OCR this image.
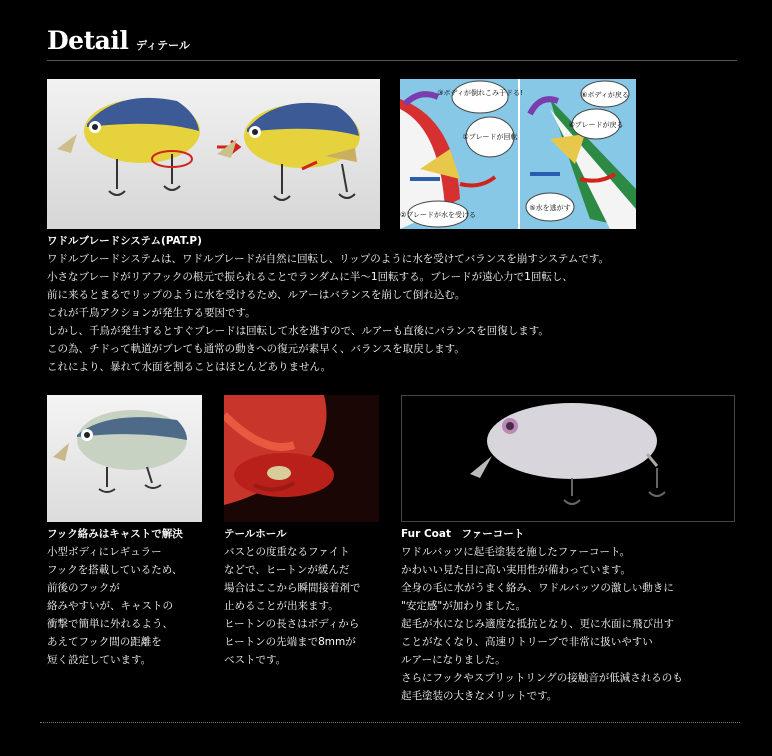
Detail ディテール
③ボディが倒れこみ于ドる!	⑥ボディが戻る
①ブレードが回転
④ブレードが戻る
②ブレードが水を受ける
⑤水を逃がす
ワドルブレードシステム(PAT.P)
ワドルブレードシステムは、ワドルブレードが自然に回転し、リップのように水を受けてバランスを崩すシステムです。
小さなブレードがリアフックの根元で振られることでランダムに半〜1回転する。ブレードが遠心力で1回転し、
前に来るとまるでリップのように水を受けるため、ルアーはバランスを崩して倒れ込む。
これが千鳥アクションが発生する要因です。
しかし、千鳥が発生するとすぐブレードは回転して水を逃すので、ルアーも直後にバランスを回復します。
この為、チドって軌道がブレても通常の動きへの復元が素早く、バランスを取戻します。
これにより、暴れて水面を割ることはほとんどありません。
フック絡みはキャストで解決
小型ボディにレギュラー
フックを搭載しているため、
前後のフックが
絡みやすいが、キャストの
衝撃で簡単に外れるよう、
あえてフック間の距離を
短く設定しています。
テールホール
バスとの度重なるファイト
などで、ヒートンが緩んだ
場合はここから瞬間接着剤で
止めることが出来ます。
ヒートンの長さはボディから
ヒートンの先端まで8mmが
ベストです。
Fur Coat　ファーコート
ワドルバッツに起毛塗装を施したファーコート。
かわいい見た目に高い実用性が備わっています。
全身の毛に水がうまく絡み、ワドルバッツの激しい動きに
"安定感"が加わりました。
起毛が水になじみ適度な抵抗となり、更に水面に飛び出す
ことがなくなり、高速リトリーブで非常に扱いやすい
ルアーになりました。
さらにフックやスプリットリングの接触音が低減されるのも
起毛塗装の大きなメリットです。
